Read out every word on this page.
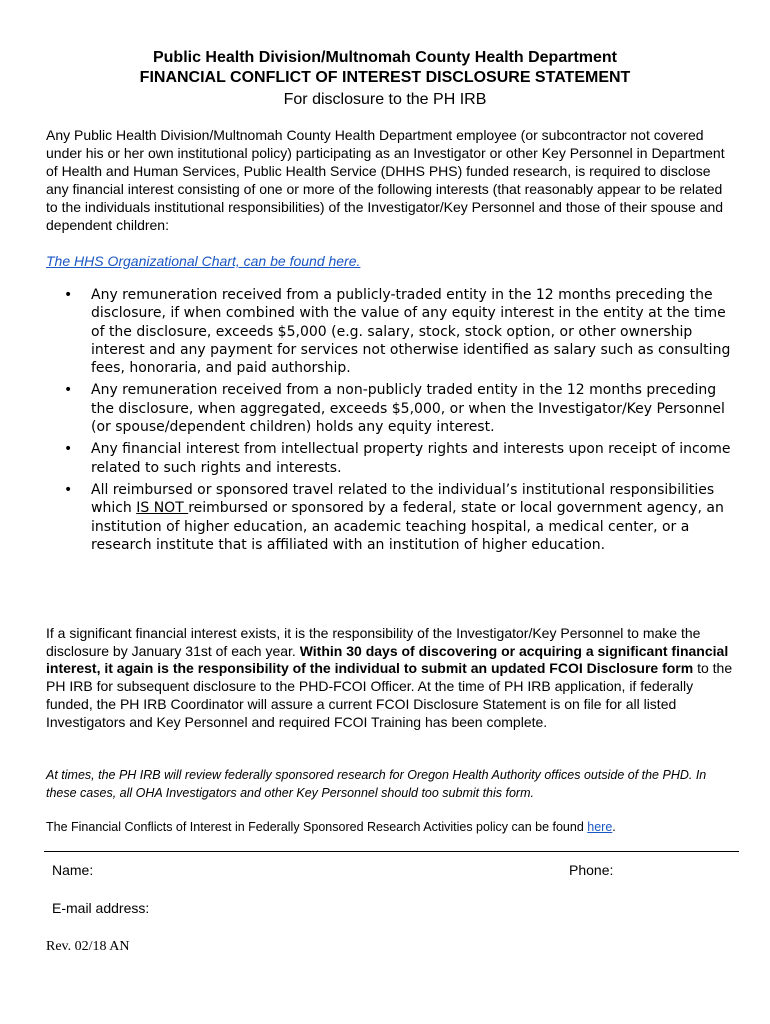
Public Health Division/Multnomah County Health Department
FINANCIAL CONFLICT OF INTEREST DISCLOSURE STATEMENT
For disclosure to the PH IRB

Any Public Health Division/Multnomah County Health Department employee (or subcontractor not covered under his or her own institutional policy) participating as an Investigator or other Key Personnel in Department of Health and Human Services, Public Health Service (DHHS PHS) funded research, is required to disclose any financial interest consisting of one or more of the following interests (that reasonably appear to be related to the individuals institutional responsibilities) of the Investigator/Key Personnel and those of their spouse and dependent children:

The HHS Organizational Chart, can be found here.
• Any remuneration received from a publicly-traded entity in the 12 months preceding the disclosure, if when combined with the value of any equity interest in the entity at the time of the disclosure, exceeds $5,000 (e.g. salary, stock, stock option, or other ownership interest and any payment for services not otherwise identified as salary such as consulting fees, honoraria, and paid authorship.
• Any remuneration received from a non-publicly traded entity in the 12 months preceding the disclosure, when aggregated, exceeds $5,000, or when the Investigator/Key Personnel (or spouse/dependent children) holds any equity interest.
• Any financial interest from intellectual property rights and interests upon receipt of income related to such rights and interests.
• All reimbursed or sponsored travel related to the individual’s institutional responsibilities which IS NOT reimbursed or sponsored by a federal, state or local government agency, an institution of higher education, an academic teaching hospital, a medical center, or a research institute that is affiliated with an institution of higher education.

If a significant financial interest exists, it is the responsibility of the Investigator/Key Personnel to make the disclosure by January 31st of each year. Within 30 days of discovering or acquiring a significant financial interest, it again is the responsibility of the individual to submit an updated FCOI Disclosure form to the PH IRB for subsequent disclosure to the PHD-FCOI Officer. At the time of PH IRB application, if federally funded, the PH IRB Coordinator will assure a current FCOI Disclosure Statement is on file for all listed Investigators and Key Personnel and required FCOI Training has been complete.

At times, the PH IRB will review federally sponsored research for Oregon Health Authority offices outside of the PHD. In these cases, all OHA Investigators and other Key Personnel should too submit this form.

The Financial Conflicts of Interest in Federally Sponsored Research Activities policy can be found here.

Name:	Phone:
E-mail address:
Rev. 02/18 AN
